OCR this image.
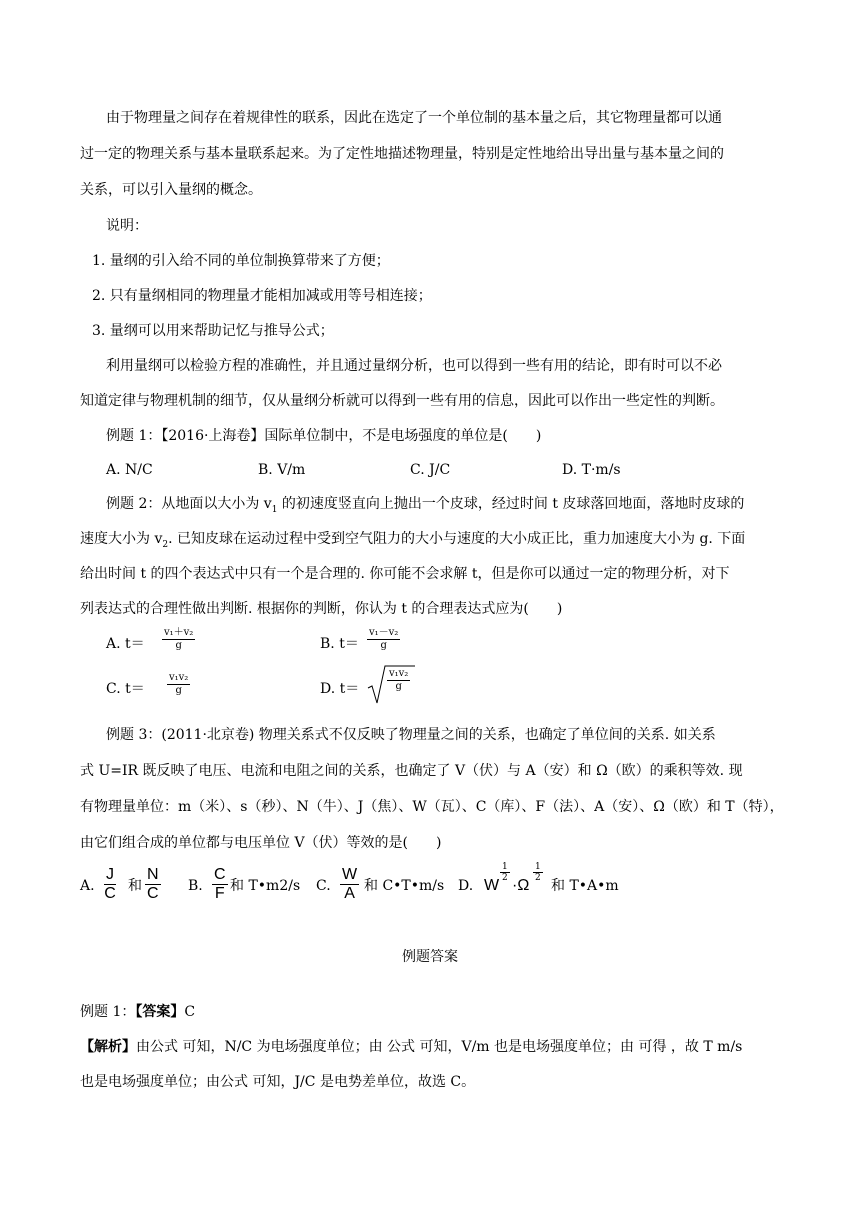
由于物理量之间存在着规律性的联系，因此在选定了一个单位制的基本量之后，其它物理量都可以通
过一定的物理关系与基本量联系起来。为了定性地描述物理量，特别是定性地给出导出量与基本量之间的
关系，可以引入量纲的概念。
说明：
1. 量纲的引入给不同的单位制换算带来了方便；
2. 只有量纲相同的物理量才能相加减或用等号相连接；
3. 量纲可以用来帮助记忆与推导公式；
利用量纲可以检验方程的准确性，并且通过量纲分析，也可以得到一些有用的结论，即有时可以不必
知道定律与物理机制的细节，仅从量纲分析就可以得到一些有用的信息，因此可以作出一些定性的判断。
例题 1：【2016·上海卷】国际单位制中，不是电场强度的单位是(　　)
A. N/C	B. V/m	C. J/C	D. T·m/s
例题 2：从地面以大小为 $v_1$ 的初速度竖直向上抛出一个皮球，经过时间 t 皮球落回地面，落地时皮球的
速度大小为 $v_2$. 已知皮球在运动过程中受到空气阻力的大小与速度的大小成正比，重力加速度大小为 g. 下面
给出时间 t 的四个表达式中只有一个是合理的. 你可能不会求解 t，但是你可以通过一定的物理分析，对下
列表达式的合理性做出判断. 根据你的判断，你认为 t 的合理表达式应为(　　)
A. $t= \frac{\text{v₁＋v₂}}{g}$	B. $t= \frac{\text{v₁－v₂}}{g}$
C. $t= \frac{\text{v₁v₂}}{g}$	D. t＝	$\frac{\text{v₁v₂}}{g}$
例题 3：(2011·北京卷) 物理关系式不仅反映了物理量之间的关系，也确定了单位间的关系. 如关系
式 U=IR 既反映了电压、电流和电阻之间的关系，也确定了 V（伏）与 A（安）和 Ω（欧）的乘积等效. 现
有物理量单位：m（米）、s（秒）、N（牛）、J（焦）、W（瓦）、C（库）、F（法）、A（安）、Ω（欧）和 T（特），
由它们组合成的单位都与电压单位 V（伏）等效的是(　　)
A. $\frac{J}{C}$ 和 $\frac{N}{C} B$. $\frac{C}{F}$ 和 T•m2/s C. $\frac{W}{A}$ 和 C•T•m/s D. W
$\frac{1}{2}$
·Ω
$\frac{1}{2}$
和 T•A•m
例题答案
例题 1：【答案】C
【解析】由公式 可知，N/C 为电场强度单位；由 公式 可知，V/m 也是电场强度单位；由 可得 ，故 T m/s
也是电场强度单位；由公式 可知，J/C 是电势差单位，故选 C。
